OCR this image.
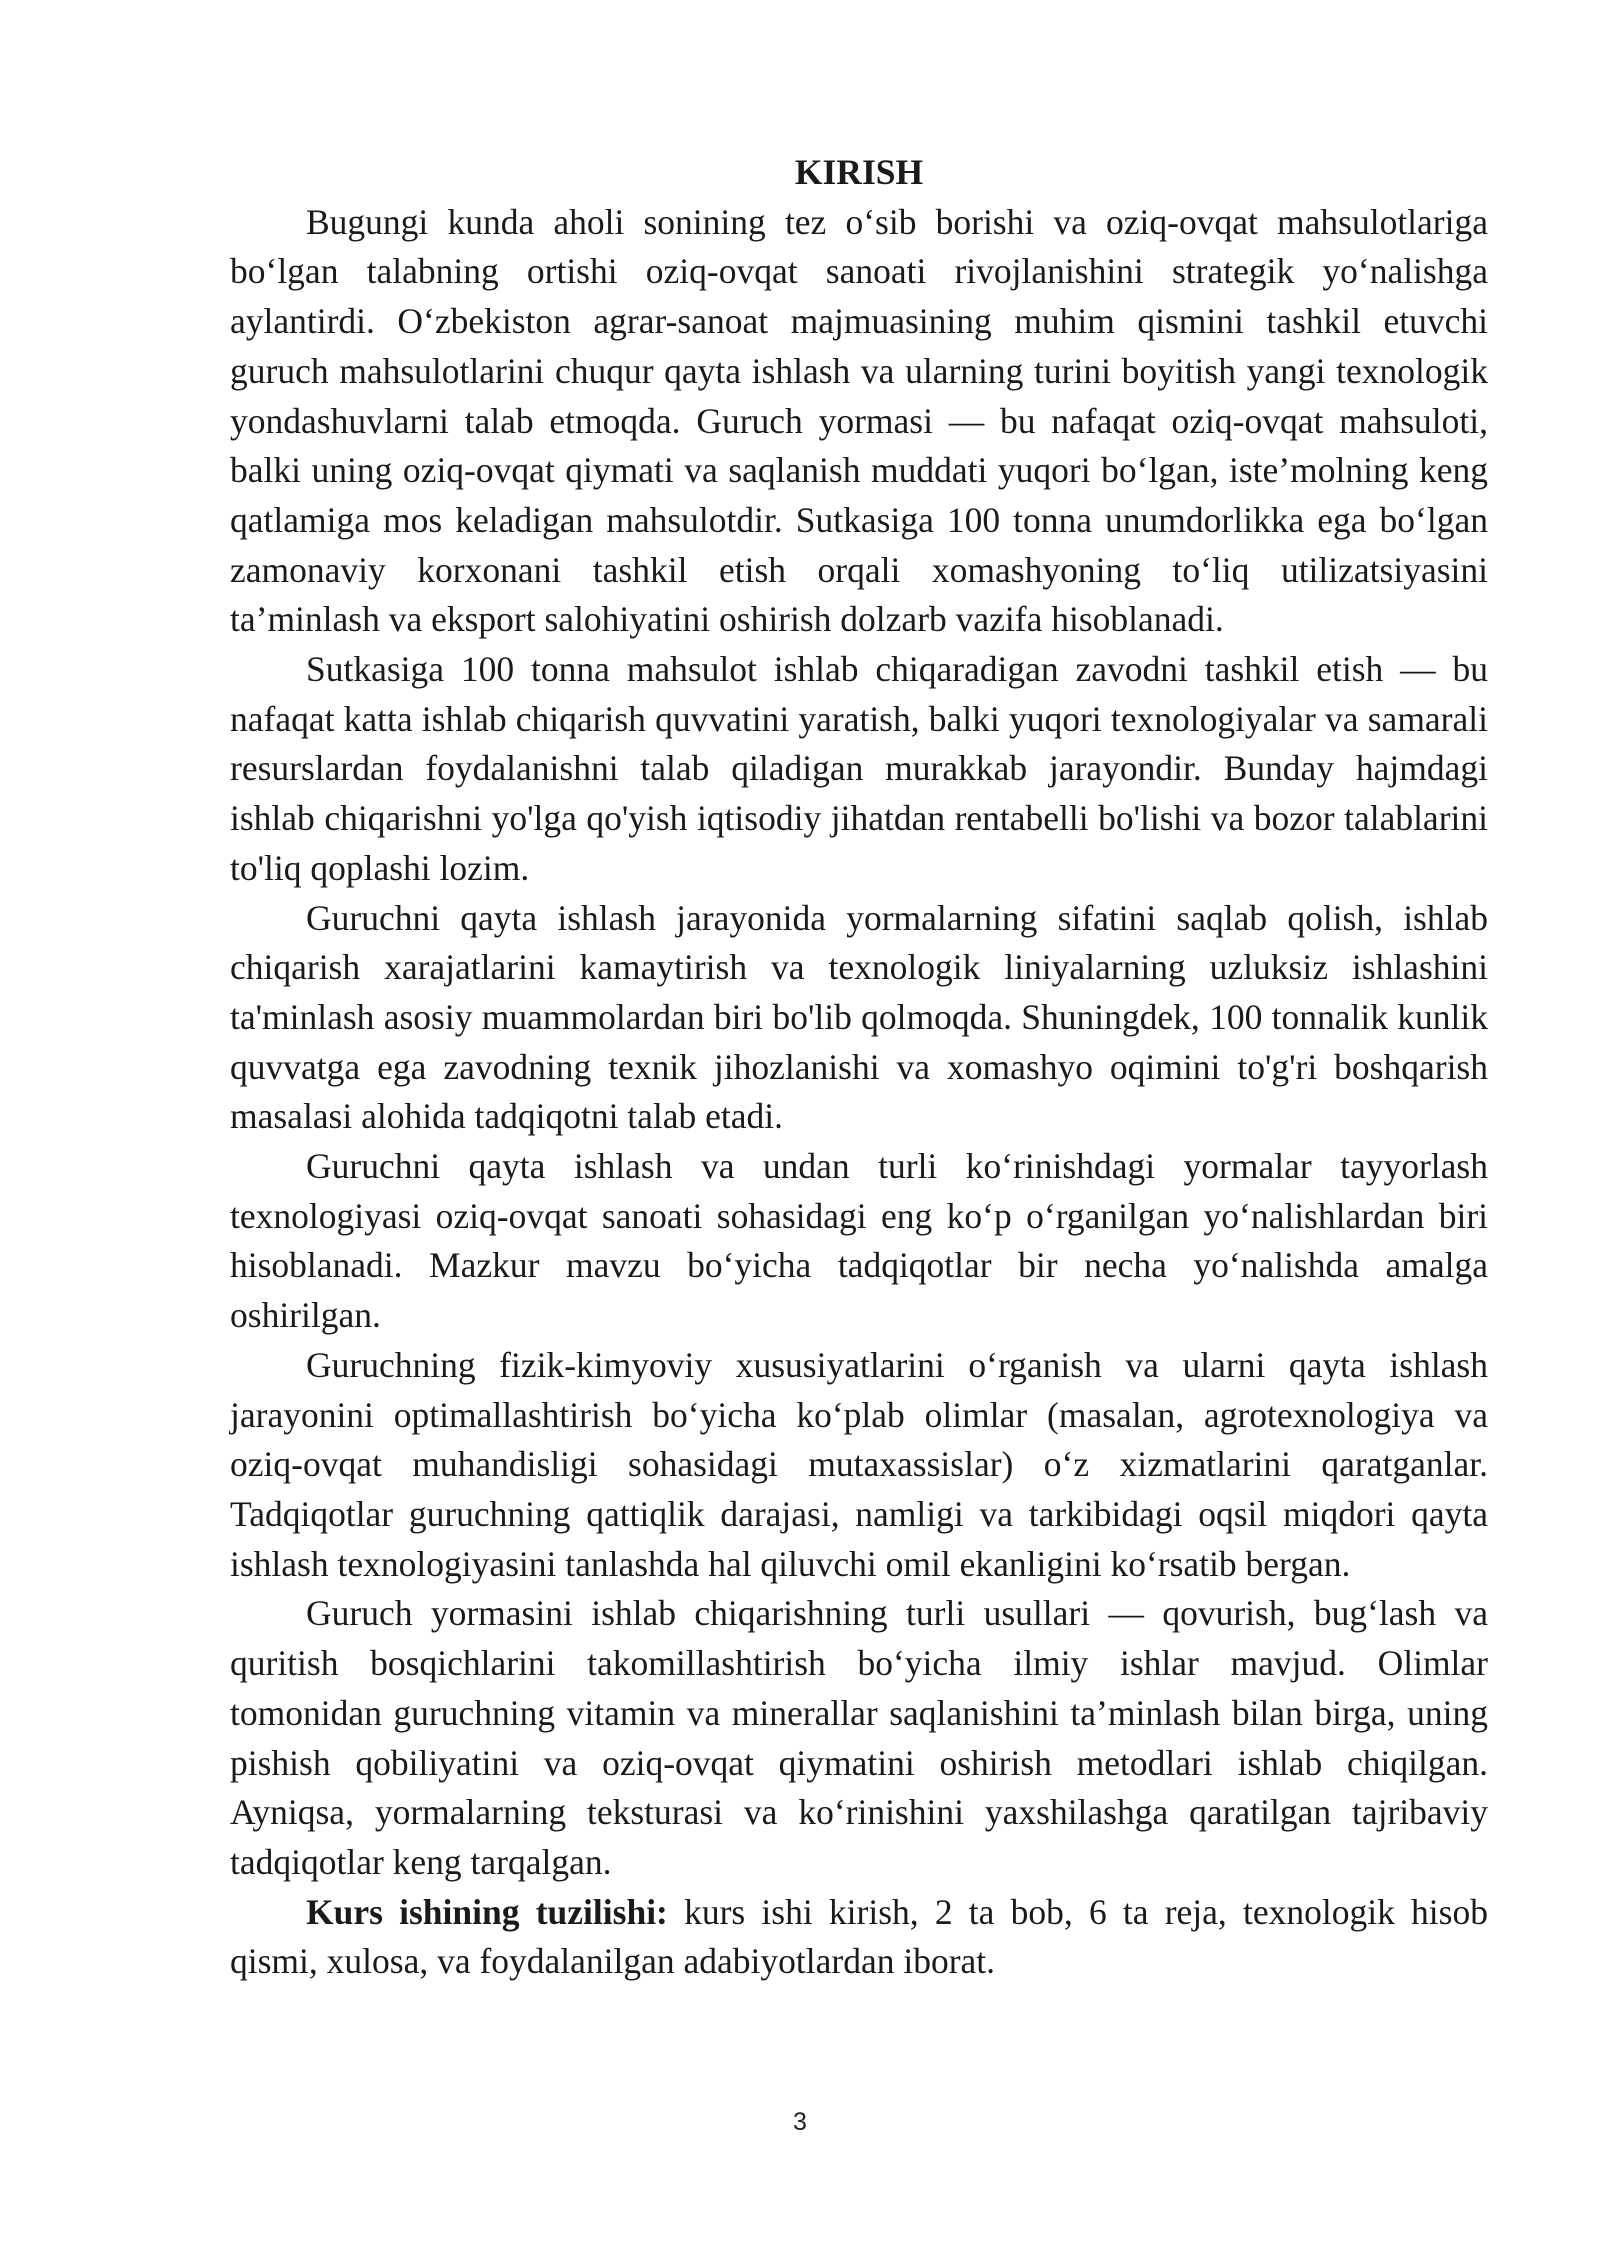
KIRISH

Bugungi kunda aholi sonining tez o‘sib borishi va oziq-ovqat mahsulotlariga bo‘lgan talabning ortishi oziq-ovqat sanoati rivojlanishini strategik yo‘nalishga aylantirdi. O‘zbekiston agrar-sanoat majmuasining muhim qismini tashkil etuvchi guruch mahsulotlarini chuqur qayta ishlash va ularning turini boyitish yangi texnologik yondashuvlarni talab etmoqda. Guruch yormasi — bu nafaqat oziq-ovqat mahsuloti, balki uning oziq-ovqat qiymati va saqlanish muddati yuqori bo‘lgan, iste’molning keng qatlamiga mos keladigan mahsulotdir. Sutkasiga 100 tonna unumdorlikka ega bo‘lgan zamonaviy korxonani tashkil etish orqali xomashyoning to‘liq utilizatsiyasini ta’minlash va eksport salohiyatini oshirish dolzarb vazifa hisoblanadi.

Sutkasiga 100 tonna mahsulot ishlab chiqaradigan zavodni tashkil etish — bu nafaqat katta ishlab chiqarish quvvatini yaratish, balki yuqori texnologiyalar va samarali resurslardan foydalanishni talab qiladigan murakkab jarayondir. Bunday hajmdagi ishlab chiqarishni yo'lga qo'yish iqtisodiy jihatdan rentabelli bo'lishi va bozor talablarini to'liq qoplashi lozim.

Guruchni qayta ishlash jarayonida yormalarning sifatini saqlab qolish, ishlab chiqarish xarajatlarini kamaytirish va texnologik liniyalarning uzluksiz ishlashini ta'minlash asosiy muammolardan biri bo'lib qolmoqda. Shuningdek, 100 tonnalik kunlik quvvatga ega zavodning texnik jihozlanishi va xomashyo oqimini to'g'ri boshqarish masalasi alohida tadqiqotni talab etadi.

Guruchni qayta ishlash va undan turli ko‘rinishdagi yormalar tayyorlash texnologiyasi oziq-ovqat sanoati sohasidagi eng ko‘p o‘rganilgan yo‘nalishlardan biri hisoblanadi. Mazkur mavzu bo‘yicha tadqiqotlar bir necha yo‘nalishda amalga oshirilgan.

Guruchning fizik-kimyoviy xususiyatlarini o‘rganish va ularni qayta ishlash jarayonini optimallashtirish bo‘yicha ko‘plab olimlar (masalan, agrotexnologiya va oziq-ovqat muhandisligi sohasidagi mutaxassislar) o‘z xizmatlarini qaratganlar. Tadqiqotlar guruchning qattiqlik darajasi, namligi va tarkibidagi oqsil miqdori qayta ishlash texnologiyasini tanlashda hal qiluvchi omil ekanligini ko‘rsatib bergan.

Guruch yormasini ishlab chiqarishning turli usullari — qovurish, bug‘lash va quritish bosqichlarini takomillashtirish bo‘yicha ilmiy ishlar mavjud. Olimlar tomonidan guruchning vitamin va minerallar saqlanishini ta’minlash bilan birga, uning pishish qobiliyatini va oziq-ovqat qiymatini oshirish metodlari ishlab chiqilgan. Ayniqsa, yormalarning teksturasi va ko‘rinishini yaxshilashga qaratilgan tajribaviy tadqiqotlar keng tarqalgan.

Kurs ishining tuzilishi: kurs ishi kirish, 2 ta bob, 6 ta reja, texnologik hisob qismi, xulosa, va foydalanilgan adabiyotlardan iborat.

3
